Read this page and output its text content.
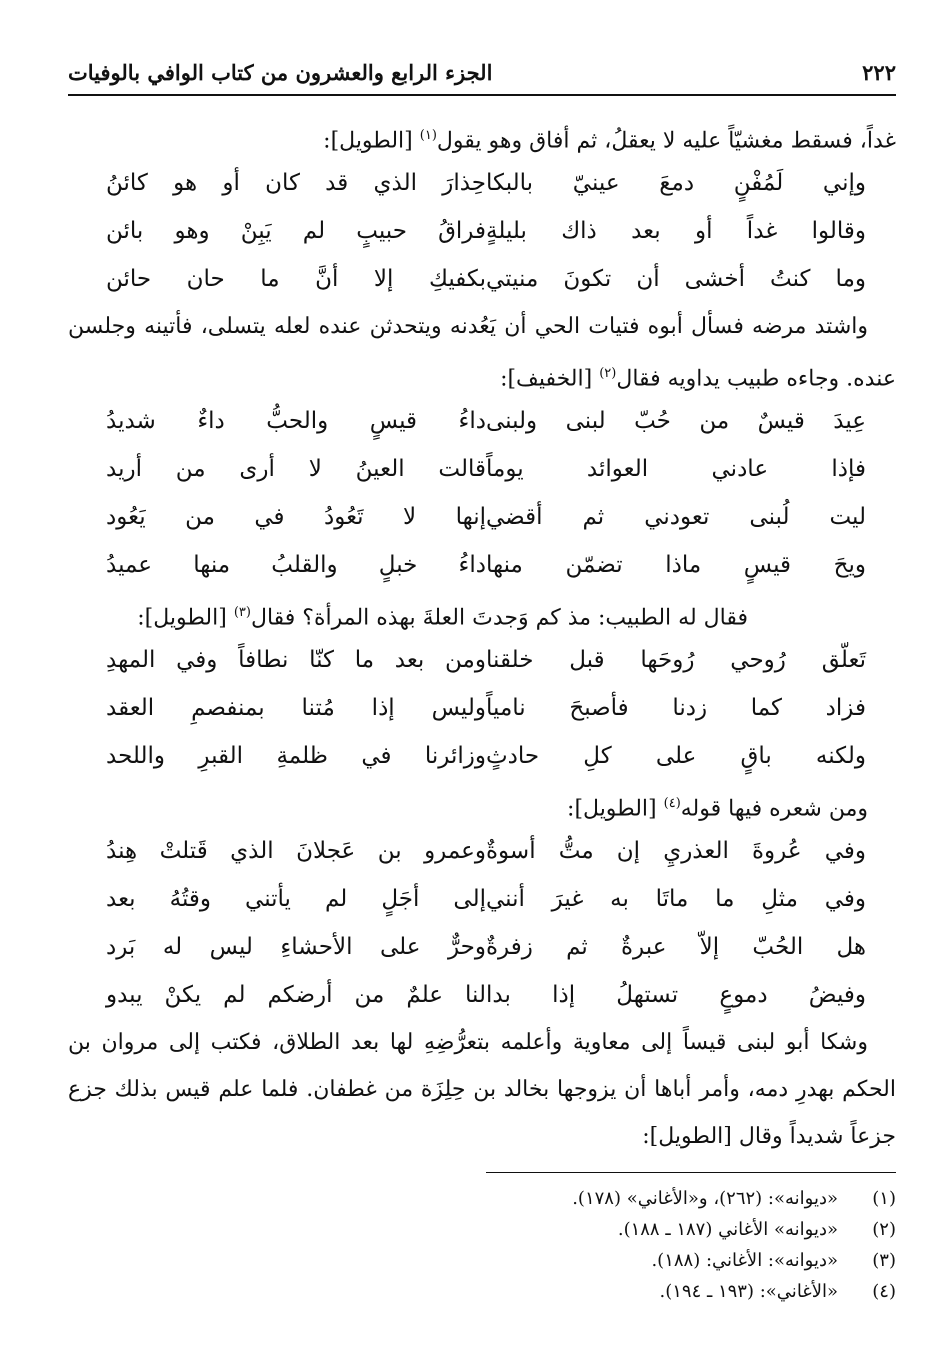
٢٢٢
الجزء الرابع والعشرون من كتاب الوافي بالوفيات

غداً، فسقط مغشيّاً عليه لا يعقلُ، ثم أفاق وهو يقول$^{(١)}$ [الطويل]:

وإني لَمُفْنٍ دمعَ عينيّ بالبكا
حِذارَ الذي قد كان أو هو كائنُ
وقالوا غداً أو بعد ذاك بليلةٍ
فراقُ حبيبٍ لم يَبِنْ وهو بائن
وما كنتُ أخشى أن تكونَ منيتي
بكفيكِ إلا أنَّ ما حان حائن

واشتد مرضه فسأل أبوه فتيات الحي أن يَعُدنه ويتحدثن عنده لعله يتسلى، فأتينه وجلسن عنده. وجاءه طبيب يداويه فقال$^{(٢)}$ [الخفيف]:

عِيدَ قيسٌ من حُبّ لبنى ولبنى
داءُ قيسٍ والحبُّ داءٌ شديدُ
فإذا عادني العوائد يوماً
قالت العينُ لا أرى من أريد
ليت لُبنى تعودني ثم أقضي
إنها لا تَعُودُ في من يَعُود
ويحَ قيسٍ ماذا تضمّن منها
داءُ خبلٍ والقلبُ منها عميدُ

فقال له الطبيب: مذ كم وَجدتَ العلةَ بهذه المرأة؟ فقال$^{(٣)}$ [الطويل]:

تَعلّق رُوحي رُوحَها قبل خلقنا
ومن بعد ما كنّا نطافاً وفي المهدِ
فزاد كما زدنا فأصبحَ نامياً
وليس إذا مُتنا بمنفصمِ العقد
ولكنه باقٍ على كلِ حادثٍ
وزائرنا في ظلمةِ القبرِ واللحد

ومن شعره فيها قوله$^{(٤)}$ [الطويل]:

وفي عُروةَ العذريِ إن متُّ أسوةٌ
وعمرو بن عَجلانَ الذي قَتلتْ هِندُ
وفي مثلِ ما ماتَا به غيرَ أنني
إلى أجَلٍ لم يأتني وقتُهُ بعد
هل الحُبّ إلاّ عبرةٌ ثم زفرةٌ
وحرٌّ على الأحشاءِ ليس له بَرد
وفيضُ دموعٍ تستهلُ إذا بدا
لنا علمٌ من أرضكم لم يكنْ يبدو

وشكا أبو لبنى قيساً إلى معاوية وأعلمه بتعرُّضِهِ لها بعد الطلاق، فكتب إلى مروان بن الحكم بهدرِ دمه، وأمر أباها أن يزوجها بخالد بن حِلِزَة من غطفان. فلما علم قيس بذلك جزع جزعاً شديداً وقال [الطويل]:

(١)
«ديوانه»: (٢٦٢)، و«الأغاني» (١٧٨).
(٢)
«ديوانه» الأغاني (١٨٧ ـ ١٨٨).
(٣)
«ديوانه»: الأغاني: (١٨٨).
(٤)
«الأغاني»: (١٩٣ ـ ١٩٤).
